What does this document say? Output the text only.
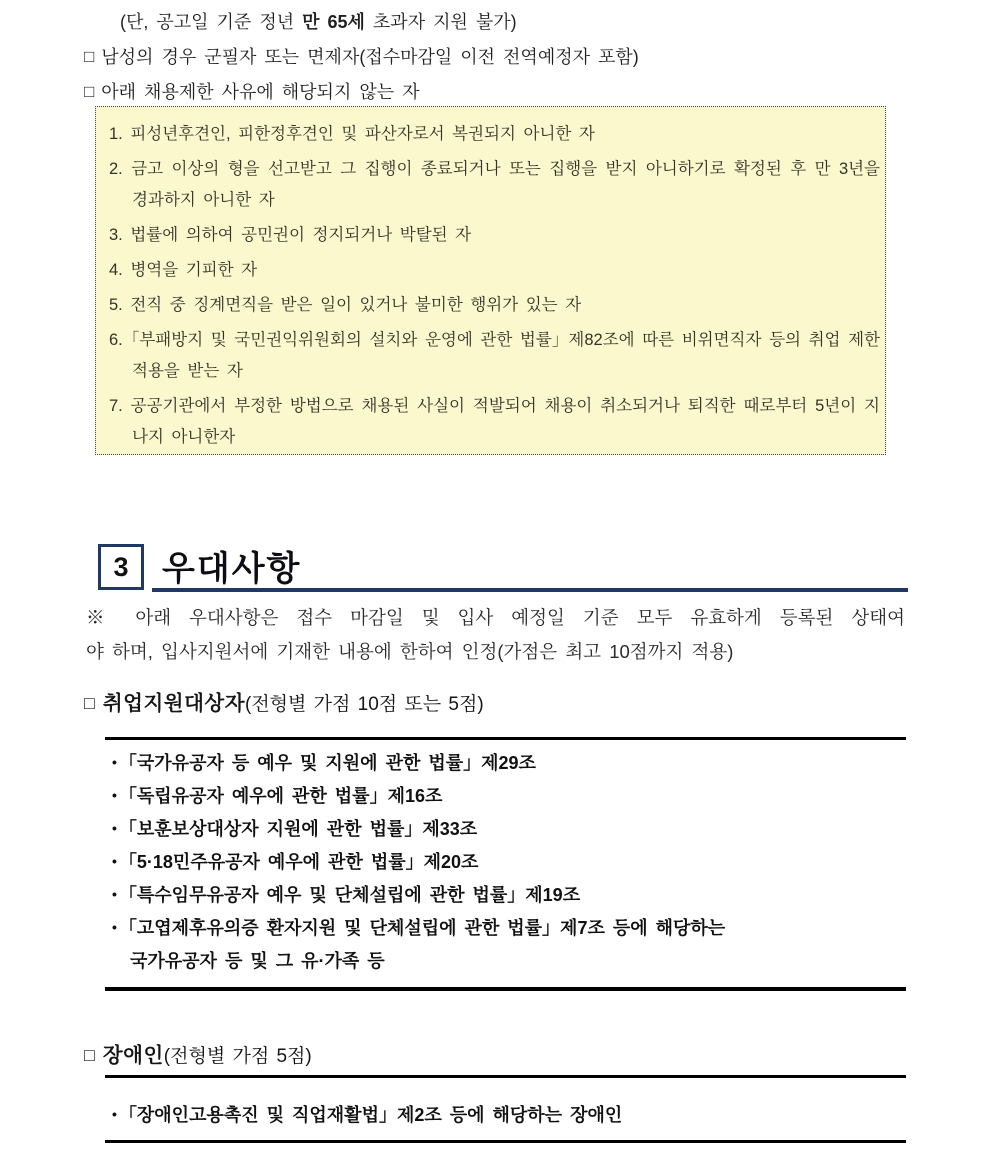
(단, 공고일 기준 정년 만 65세 초과자 지원 불가)
□ 남성의 경우 군필자 또는 면제자(접수마감일 이전 전역예정자 포함)
□ 아래 채용제한 사유에 해당되지 않는 자
1. 피성년후견인, 피한정후견인 및 파산자로서 복권되지 아니한 자
2. 금고 이상의 형을 선고받고 그 집행이 종료되거나 또는 집행을 받지 아니하기로 확정된 후 만 3년을 경과하지 아니한 자
3. 법률에 의하여 공민권이 정지되거나 박탈된 자
4. 병역을 기피한 자
5. 전직 중 징계면직을 받은 일이 있거나 불미한 행위가 있는 자
6.「부패방지 및 국민권익위원회의 설치와 운영에 관한 법률」제82조에 따른 비위면직자 등의 취업 제한 적용을 받는 자
7. 공공기관에서 부정한 방법으로 채용된 사실이 적발되어 채용이 취소되거나 퇴직한 때로부터 5년이 지나지 아니한자
3 우대사항
※ 아래 우대사항은 접수 마감일 및 입사 예정일 기준 모두 유효하게 등록된 상태여
야 하며, 입사지원서에 기재한 내용에 한하여 인정(가점은 최고 10점까지 적용)
□ 취업지원대상자(전형별 가점 10점 또는 5점)
• 「국가유공자 등 예우 및 지원에 관한 법률」제29조
• 「독립유공자 예우에 관한 법률」제16조
• 「보훈보상대상자 지원에 관한 법률」제33조
• 「5·18민주유공자 예우에 관한 법률」제20조
• 「특수임무유공자 예우 및 단체설립에 관한 법률」제19조
• 「고엽제후유의증 환자지원 및 단체설립에 관한 법률」제7조 등에 해당하는
국가유공자 등 및 그 유·가족 등
□ 장애인(전형별 가점 5점)
• 「장애인고용촉진 및 직업재활법」제2조 등에 해당하는 장애인
